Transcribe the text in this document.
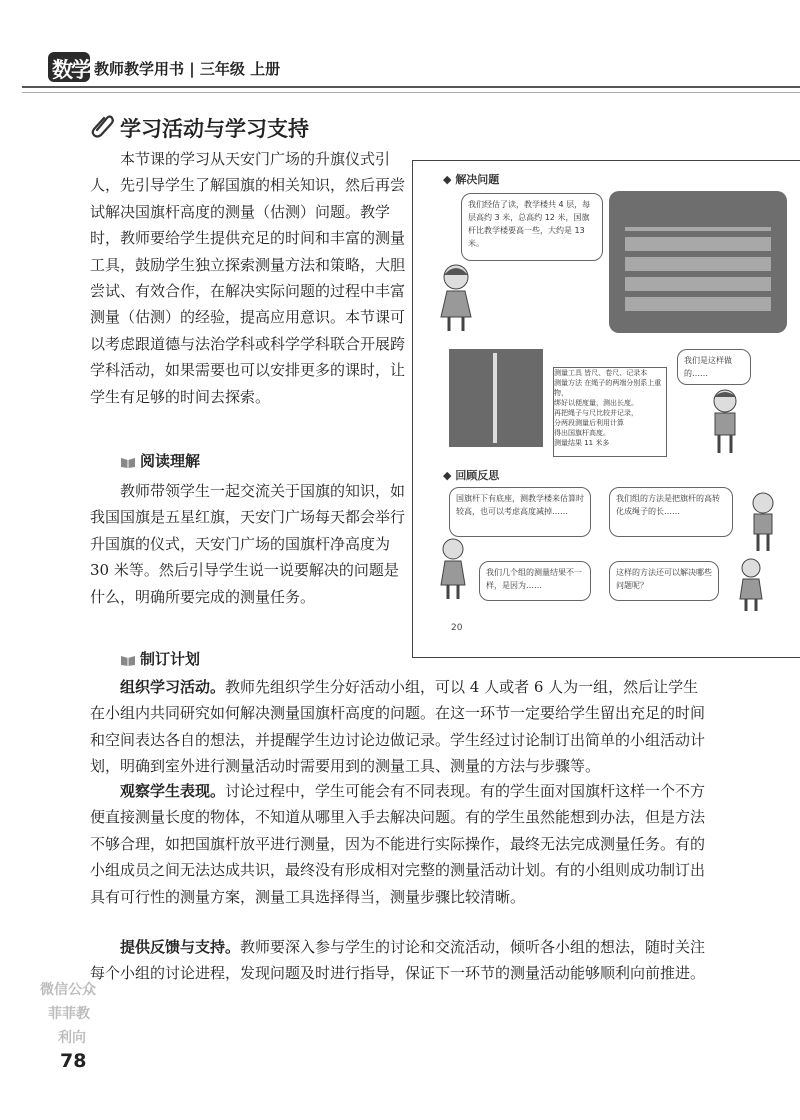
数学 教师教学用书 | 三年级 上册
学习活动与学习支持
本节课的学习从天安门广场的升旗仪式引人，先引导学生了解国旗的相关知识，然后再尝试解决国旗杆高度的测量（估测）问题。教学时，教师要给学生提供充足的时间和丰富的测量工具，鼓励学生独立探索测量方法和策略，大胆尝试、有效合作，在解决实际问题的过程中丰富测量（估测）的经验，提高应用意识。本节课可以考虑跟道德与法治学科或科学学科联合开展跨学科活动，如果需要也可以安排更多的课时，让学生有足够的时间去探索。
阅读理解
教师带领学生一起交流关于国旗的知识，如我国国旗是五星红旗，天安门广场每天都会举行升国旗的仪式，天安门广场的国旗杆净高度为 30 米等。然后引导学生说一说要解决的问题是什么，明确所要完成的测量任务。
制订计划
组织学习活动。教师先组织学生分好活动小组，可以 4 人或者 6 人为一组，然后让学生在小组内共同研究如何解决测量国旗杆高度的问题。在这一环节一定要给学生留出充足的时间和空间表达各自的想法，并提醒学生边讨论边做记录。学生经过讨论制订出简单的小组活动计划，明确到室外进行测量活动时需要用到的测量工具、测量的方法与步骤等。
观察学生表现。讨论过程中，学生可能会有不同表现。有的学生面对国旗杆这样一个不方便直接测量长度的物体，不知道从哪里入手去解决问题。有的学生虽然能想到办法，但是方法不够合理，如把国旗杆放平进行测量，因为不能进行实际操作，最终无法完成测量任务。有的小组成员之间无法达成共识，最终没有形成相对完整的测量活动计划。有的小组则成功制订出具有可行性的测量方案，测量工具选择得当，测量步骤比较清晰。
提供反馈与支持。教师要深入参与学生的讨论和交流活动，倾听各小组的想法，随时关注每个小组的讨论进程，发现问题及时进行指导，保证下一环节的测量活动能够顺利向前推进。
◆ 解决问题
我们经估了读，教学楼共 4 层，每层高约 3 米，总高约 12 米，国旗杆比教学楼要高一些，大约是 13 米。
测量工具 皆尺、卷尺、记录本
测量方法 在绳子的两端分别系上重物，
绑好以便度量，测出长度。
再把绳子与尺比较并记录，
分两段测量后利用计算
得出国旗杆高度。
测量结果 11 米多
我们是这样做的……
◆ 回顾反思
国旗杆下有底座，测教学楼来估算时较高，也可以考虑高度减掉……
我们组的方法是把旗杆的高转化成绳子的长……
我们几个组的测量结果不一样，是因为……
这样的方法还可以解决哪些问题呢？
20
微信公众
菲菲教
利向
78
